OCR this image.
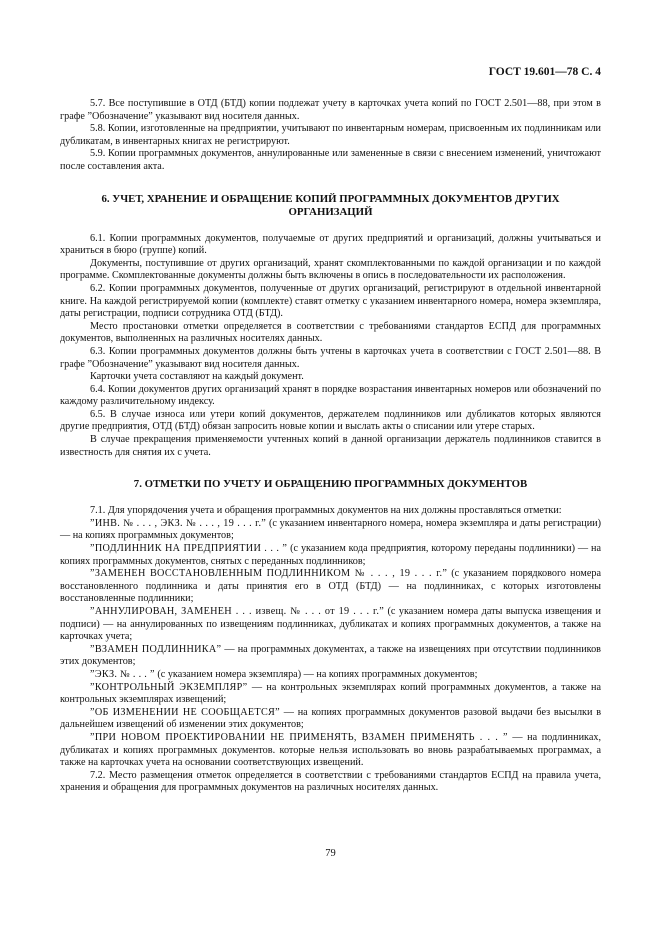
ГОСТ 19.601—78 С. 4

5.7. Все поступившие в ОТД (БТД) копии подлежат учету в карточках учета копий по ГОСТ 2.501—88, при этом в графе ”Обозначение” указывают вид носителя данных.

5.8. Копии, изготовленные на предприятии, учитывают по инвентарным номерам, присвоенным их подлинникам или дубликатам, в инвентарных книгах не регистрируют.

5.9. Копии программных документов, аннулированные или замененные в связи с внесением изменений, уничтожают после составления акта.

6. УЧЕТ, ХРАНЕНИЕ И ОБРАЩЕНИЕ КОПИЙ ПРОГРАММНЫХ ДОКУМЕНТОВ ДРУГИХ ОРГАНИЗАЦИЙ

6.1. Копии программных документов, получаемые от других предприятий и организаций, должны учитываться и храниться в бюро (группе) копий.

Документы, поступившие от других организаций, хранят скомплектованными по каждой организации и по каждой программе. Скомплектованные документы должны быть включены в опись в последовательности их расположения.

6.2. Копии программных документов, полученные от других организаций, регистрируют в отдельной инвентарной книге. На каждой регистрируемой копии (комплекте) ставят отметку с указанием инвентарного номера, номера экземпляра, даты регистрации, подписи сотрудника ОТД (БТД).

Место простановки отметки определяется в соответствии с требованиями стандартов ЕСПД для программных документов, выполненных на различных носителях данных.

6.3. Копии программных документов должны быть учтены в карточках учета в соответствии с ГОСТ 2.501—88. В графе ”Обозначение” указывают вид носителя данных.

Карточки учета составляют на каждый документ.

6.4. Копии документов других организаций хранят в порядке возрастания инвентарных номеров или обозначений по каждому различительному индексу.

6.5. В случае износа или утери копий документов, держателем подлинников или дубликатов которых являются другие предприятия, ОТД (БТД) обязан запросить новые копии и выслать акты о списании или утере старых.

В случае прекращения применяемости учтенных копий в данной организации держатель подлинников ставится в известность для снятия их с учета.

7. ОТМЕТКИ ПО УЧЕТУ И ОБРАЩЕНИЮ ПРОГРАММНЫХ ДОКУМЕНТОВ

7.1. Для упорядочения учета и обращения программных документов на них должны проставляться отметки:

”ИНВ. № . . . , ЭКЗ. № . . . , 19 . . . г.” (с указанием инвентарного номера, номера экземпляра и даты регистрации) — на копиях программных документов;

”ПОДЛИННИК НА ПРЕДПРИЯТИИ . . . ” (с указанием кода предприятия, которому переданы подлинники) — на копиях программных документов, снятых с переданных подлинников;

”ЗАМЕНЕН ВОССТАНОВЛЕННЫМ ПОДЛИННИКОМ № . . . , 19 . . . г.” (с указанием порядкового номера восстановленного подлинника и даты принятия его в ОТД (БТД) — на подлинниках, с которых изготовлены восстановленные подлинники;

”АННУЛИРОВАН, ЗАМЕНЕН . . . извещ. № . . . от 19 . . . г.” (с указанием номера даты выпуска извещения и подписи) — на аннулированных по извещениям подлинниках, дубликатах и копиях программных документов, а также на карточках учета;

”ВЗАМЕН ПОДЛИННИКА” — на программных документах, а также на извещениях при отсутствии подлинников этих документов;

”ЭКЗ. № . . . ” (с указанием номера экземпляра) — на копиях программных документов;

”КОНТРОЛЬНЫЙ ЭКЗЕМПЛЯР” — на контрольных экземплярах копий программных документов, а также на контрольных экземплярах извещений;

”ОБ ИЗМЕНЕНИИ НЕ СООБЩАЕТСЯ” — на копиях программных документов разовой выдачи без высылки в дальнейшем извещений об изменении этих документов;

”ПРИ НОВОМ ПРОЕКТИРОВАНИИ НЕ ПРИМЕНЯТЬ, ВЗАМЕН ПРИМЕНЯТЬ . . . ” — на подлинниках, дубликатах и копиях программных документов. которые нельзя использовать во вновь разрабатываемых программах, а также на карточках учета на основании соответствующих извещений.

7.2. Место размещения отметок определяется в соответствии с требованиями стандартов ЕСПД на правила учета, хранения и обращения для программных документов на различных носителях данных.

79
